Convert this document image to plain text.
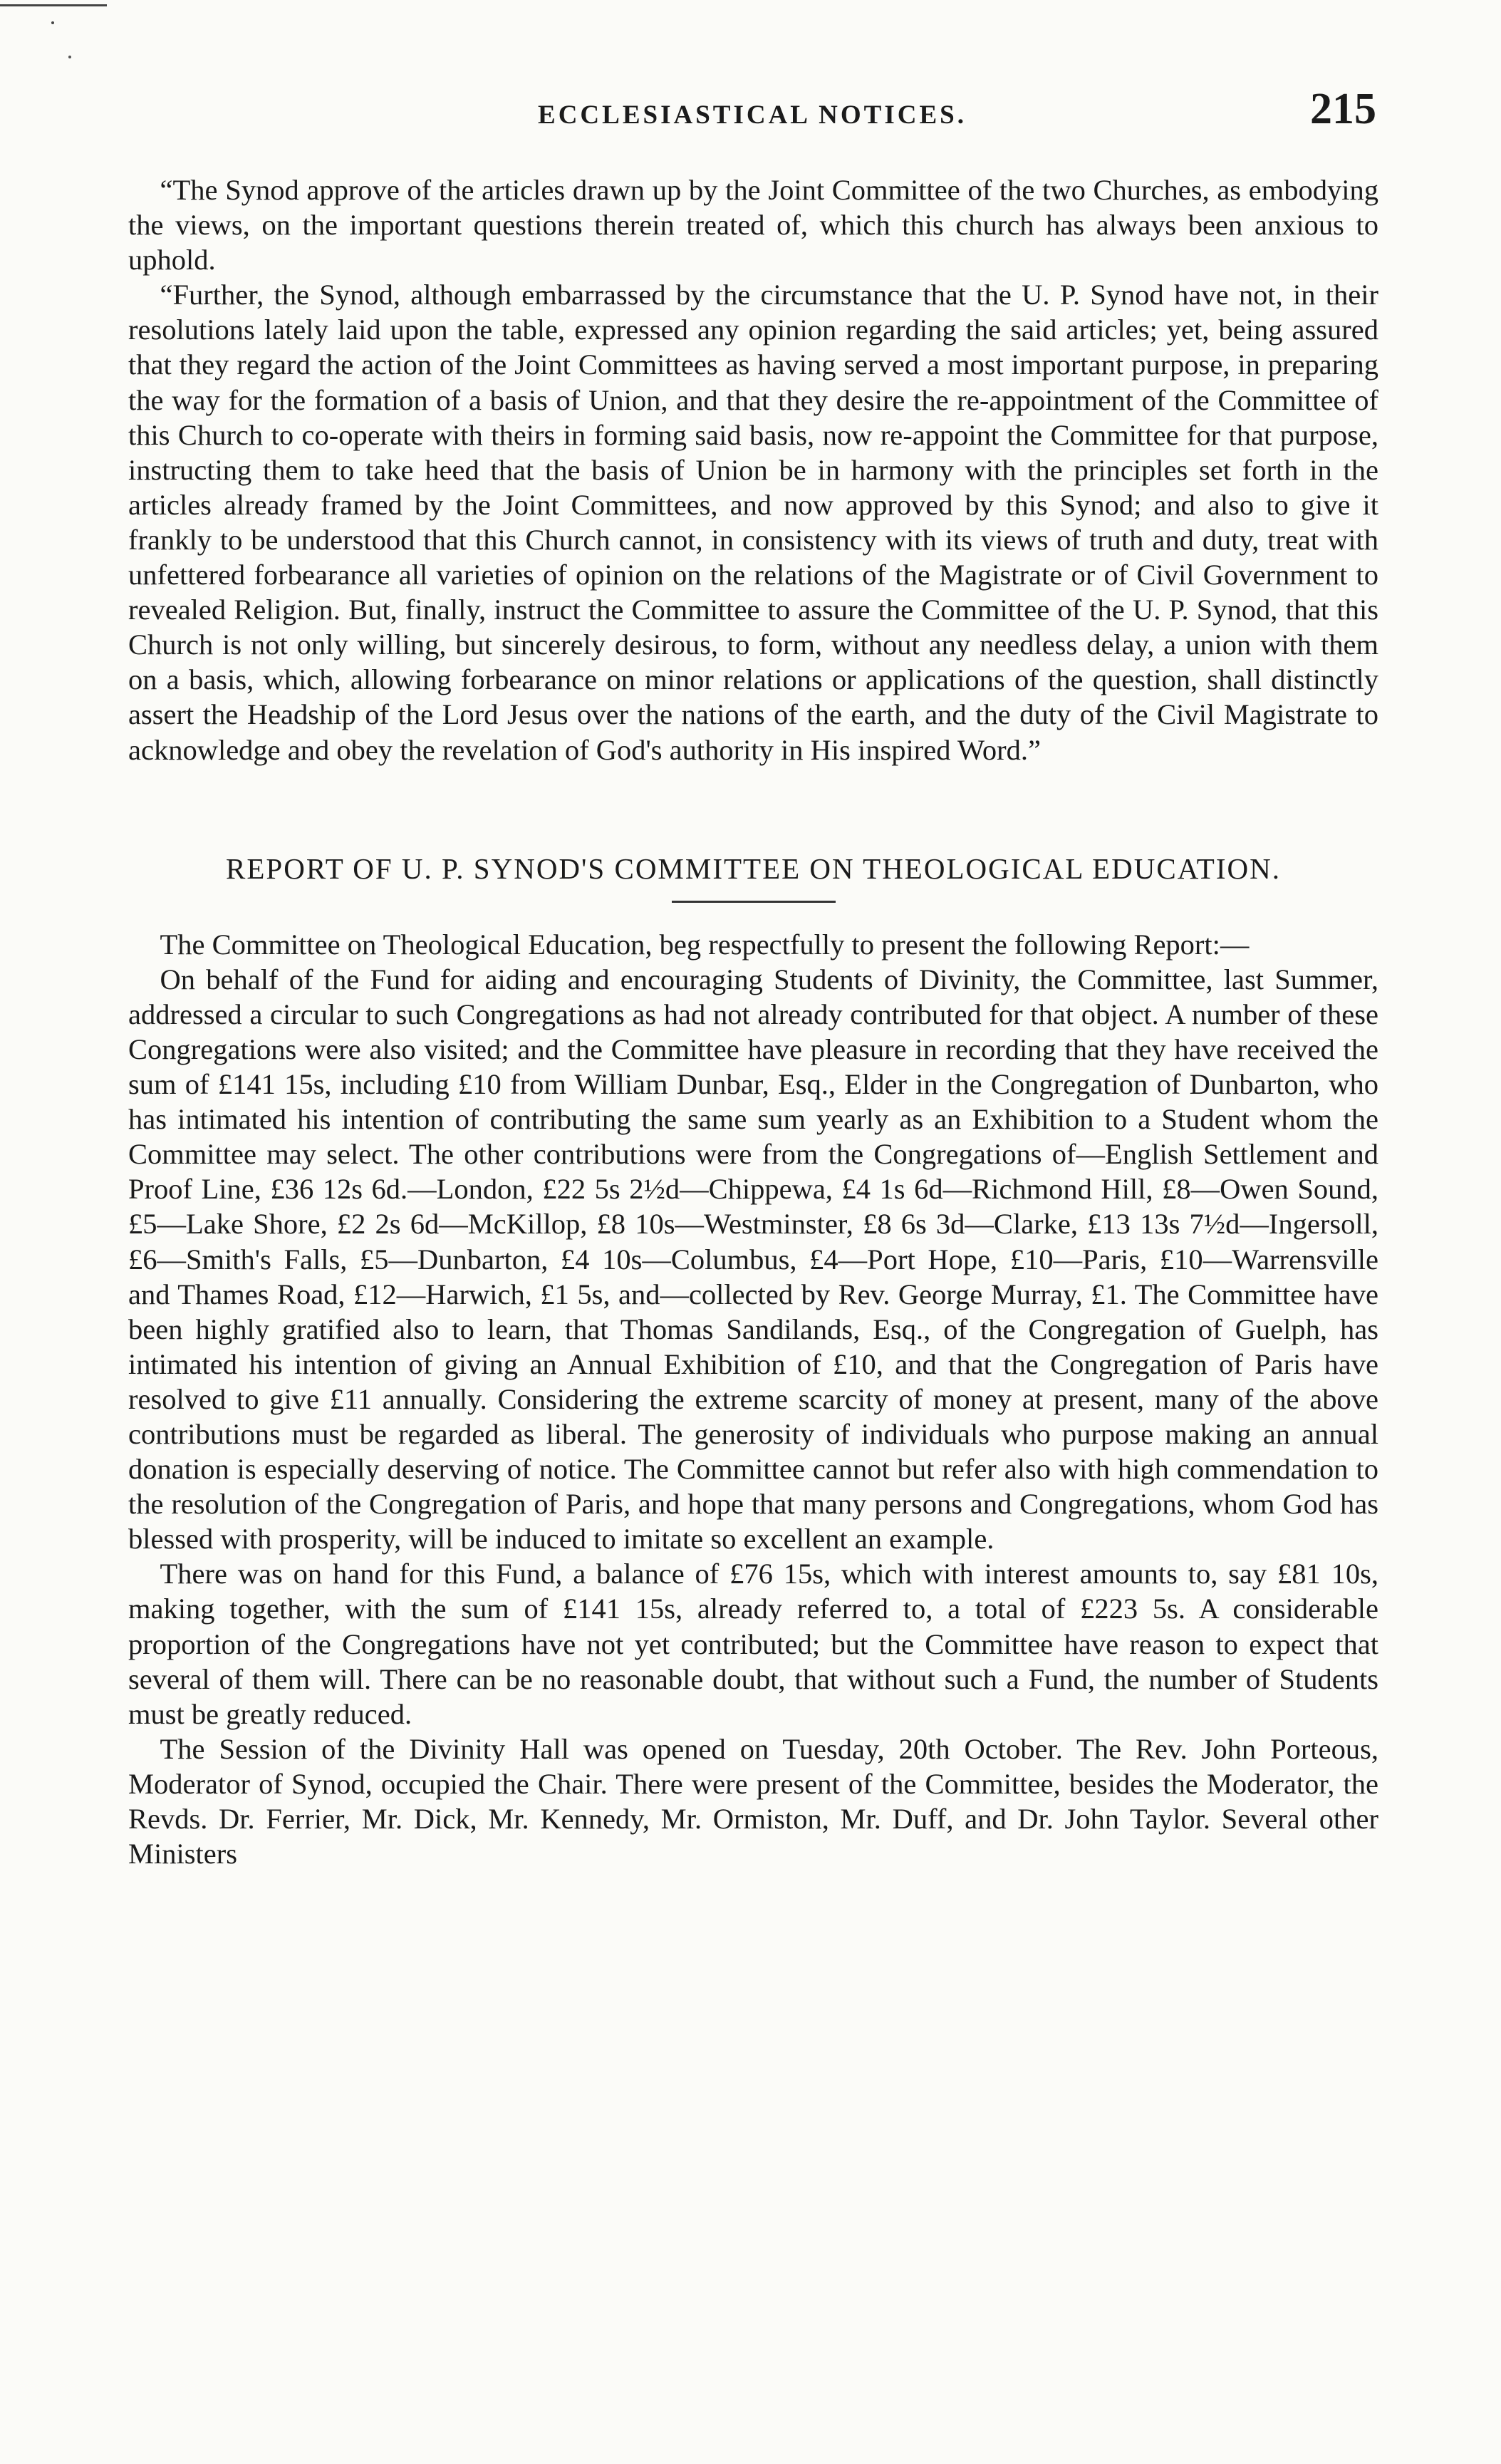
ECCLESIASTICAL NOTICES.	215

“The Synod approve of the articles drawn up by the Joint Committee of the two Churches, as embodying the views, on the important questions therein treated of, which this church has always been anxious to uphold.

“Further, the Synod, although embarrassed by the circumstance that the U. P. Synod have not, in their resolutions lately laid upon the table, expressed any opinion regarding the said articles; yet, being assured that they regard the action of the Joint Committees as having served a most important purpose, in preparing the way for the formation of a basis of Union, and that they desire the re-appointment of the Committee of this Church to co-operate with theirs in forming said basis, now re-appoint the Committee for that purpose, instructing them to take heed that the basis of Union be in harmony with the principles set forth in the articles already framed by the Joint Committees, and now approved by this Synod; and also to give it frankly to be understood that this Church cannot, in consistency with its views of truth and duty, treat with unfettered forbearance all varieties of opinion on the relations of the Magistrate or of Civil Government to revealed Religion. But, finally, instruct the Committee to assure the Committee of the U. P. Synod, that this Church is not only willing, but sincerely desirous, to form, without any needless delay, a union with them on a basis, which, allowing forbearance on minor relations or applications of the question, shall distinctly assert the Headship of the Lord Jesus over the nations of the earth, and the duty of the Civil Magistrate to acknowledge and obey the revelation of God's authority in His inspired Word.”

REPORT OF U. P. SYNOD'S COMMITTEE ON THEOLOGICAL EDUCATION.

The Committee on Theological Education, beg respectfully to present the following Report:—

On behalf of the Fund for aiding and encouraging Students of Divinity, the Committee, last Summer, addressed a circular to such Congregations as had not already contributed for that object. A number of these Congregations were also visited; and the Committee have pleasure in recording that they have received the sum of £141 15s, including £10 from William Dunbar, Esq., Elder in the Congregation of Dunbarton, who has intimated his intention of contributing the same sum yearly as an Exhibition to a Student whom the Committee may select. The other contributions were from the Congregations of—English Settlement and Proof Line, £36 12s 6d.—London, £22 5s 2½d—Chippewa, £4 1s 6d—Richmond Hill, £8—Owen Sound, £5—Lake Shore, £2 2s 6d—McKillop, £8 10s—Westminster, £8 6s 3d—Clarke, £13 13s 7½d—Ingersoll, £6—Smith's Falls, £5—Dunbarton, £4 10s—Columbus, £4—Port Hope, £10—Paris, £10—Warrensville and Thames Road, £12—Harwich, £1 5s, and—collected by Rev. George Murray, £1. The Committee have been highly gratified also to learn, that Thomas Sandilands, Esq., of the Congregation of Guelph, has intimated his intention of giving an Annual Exhibition of £10, and that the Congregation of Paris have resolved to give £11 annually. Considering the extreme scarcity of money at present, many of the above contributions must be regarded as liberal. The generosity of individuals who purpose making an annual donation is especially deserving of notice. The Committee cannot but refer also with high commendation to the resolution of the Congregation of Paris, and hope that many persons and Congregations, whom God has blessed with prosperity, will be induced to imitate so excellent an example.

There was on hand for this Fund, a balance of £76 15s, which with interest amounts to, say £81 10s, making together, with the sum of £141 15s, already referred to, a total of £223 5s. A considerable proportion of the Congregations have not yet contributed; but the Committee have reason to expect that several of them will. There can be no reasonable doubt, that without such a Fund, the number of Students must be greatly reduced.

The Session of the Divinity Hall was opened on Tuesday, 20th October. The Rev. John Porteous, Moderator of Synod, occupied the Chair. There were present of the Committee, besides the Moderator, the Revds. Dr. Ferrier, Mr. Dick, Mr. Kennedy, Mr. Ormiston, Mr. Duff, and Dr. John Taylor. Several other Ministers
